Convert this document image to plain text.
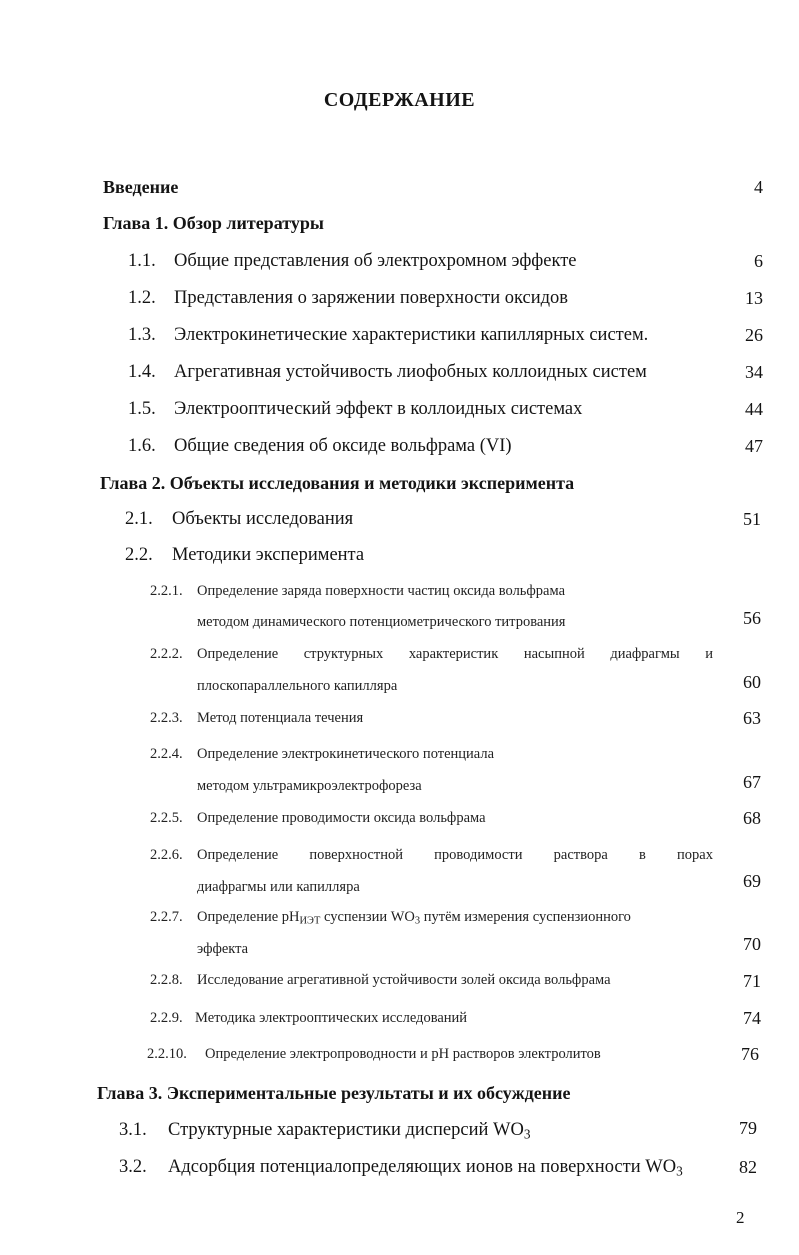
СОДЕРЖАНИЕ
Введение	4
Глава 1. Обзор литературы
1.1. Общие представления об электрохромном эффекте	6
1.2. Представления о заряжении поверхности оксидов	13
1.3. Электрокинетические характеристики капиллярных систем.	26
1.4. Агрегативная устойчивость лиофобных коллоидных систем	34
1.5. Электрооптический эффект в коллоидных системах	44
1.6. Общие сведения об оксиде вольфрама (VI)	47
Глава 2. Объекты исследования и методики эксперимента
2.1. Объекты исследования	51
2.2. Методики эксперимента
2.2.1. Определение заряда поверхности частиц оксида вольфрама
методом динамического потенциометрического титрования	56
2.2.2. Определение структурных характеристик насыпной диафрагмы и
плоскопараллельного капилляра	60
2.2.3. Метод потенциала течения	63
2.2.4. Определение электрокинетического потенциала
методом ультрамикроэлектрофореза	67
2.2.5. Определение проводимости оксида вольфрама	68
2.2.6. Определение поверхностной проводимости раствора в порах
диафрагмы или капилляра	69
2.2.7. Определение $рН_{ИЭТ}$ суспензии $WO_3$ путём измерения суспензионного
эффекта	70
2.2.8. Исследование агрегативной устойчивости золей оксида вольфрама	71
2.2.9. Методика электрооптических исследований	74
2.2.10. Определение электропроводности и рН растворов электролитов	76
Глава 3. Экспериментальные результаты и их обсуждение
3.1. Структурные характеристики дисперсий $WO_3$	79
3.2. Адсорбция потенциалопределяющих ионов на поверхности $WO_3$	82
2
